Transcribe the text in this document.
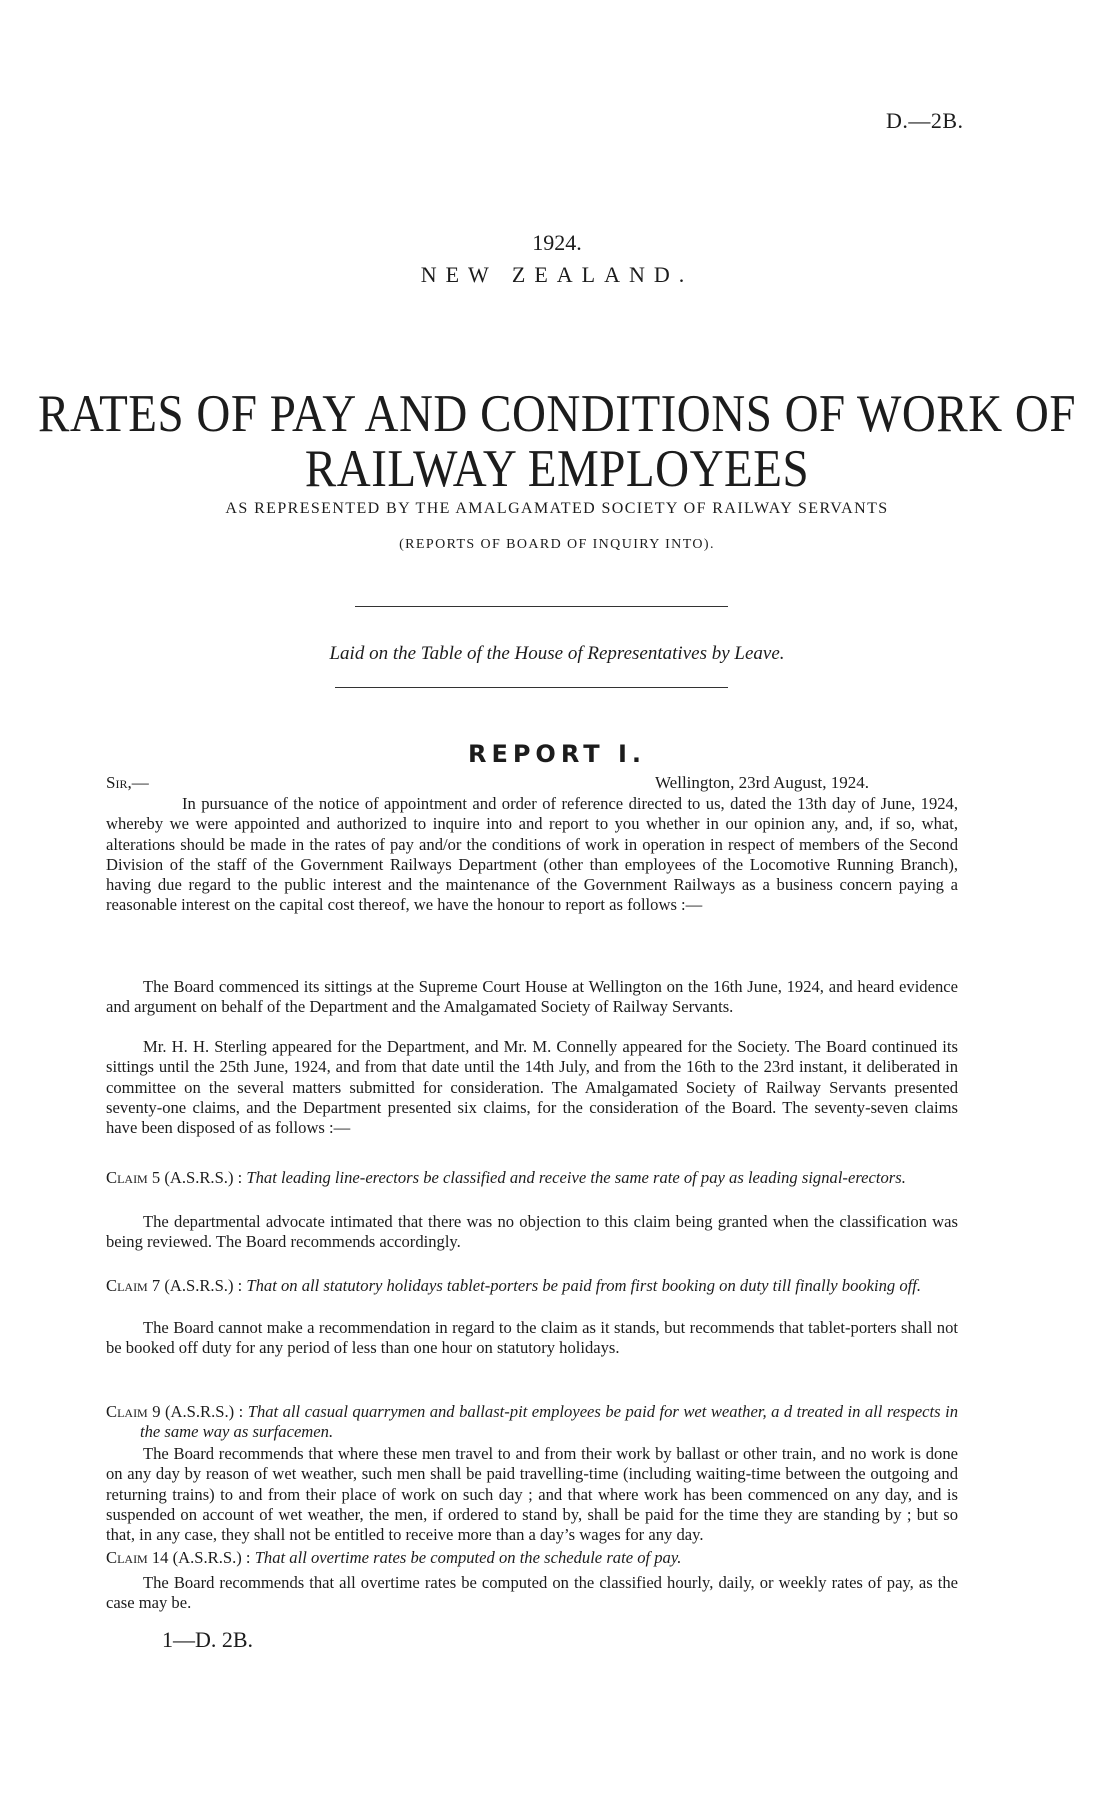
D.—2B.
1924.
NEW ZEALAND.
RATES OF PAY AND CONDITIONS OF WORK OF
RAILWAY EMPLOYEES
AS REPRESENTED BY THE AMALGAMATED SOCIETY OF RAILWAY SERVANTS
(REPORTS OF BOARD OF INQUIRY INTO).
Laid on the Table of the House of Representatives by Leave.
REPORT I.
Sir,—	Wellington, 23rd August, 1924.

In pursuance of the notice of appointment and order of reference directed to us, dated the 13th day of June, 1924, whereby we were appointed and authorized to inquire into and report to you whether in our opinion any, and, if so, what, alterations should be made in the rates of pay and/or the conditions of work in operation in respect of members of the Second Division of the staff of the Government Railways Department (other than employees of the Locomotive Running Branch), having due regard to the public interest and the maintenance of the Government Railways as a business concern paying a reasonable interest on the capital cost thereof, we have the honour to report as follows :—

The Board commenced its sittings at the Supreme Court House at Wellington on the 16th June, 1924, and heard evidence and argument on behalf of the Department and the Amalgamated Society of Railway Servants.

Mr. H. H. Sterling appeared for the Department, and Mr. M. Connelly appeared for the Society. The Board continued its sittings until the 25th June, 1924, and from that date until the 14th July, and from the 16th to the 23rd instant, it deliberated in committee on the several matters submitted for consideration. The Amalgamated Society of Railway Servants presented seventy-one claims, and the Department presented six claims, for the consideration of the Board. The seventy-seven claims have been disposed of as follows :—

Claim 5 (A.S.R.S.) : That leading line-erectors be classified and receive the same rate of pay as leading signal-erectors.

The departmental advocate intimated that there was no objection to this claim being granted when the classification was being reviewed. The Board recommends accordingly.

Claim 7 (A.S.R.S.) : That on all statutory holidays tablet-porters be paid from first booking on duty till finally booking off.

The Board cannot make a recommendation in regard to the claim as it stands, but recommends that tablet-porters shall not be booked off duty for any period of less than one hour on statutory holidays.

Claim 9 (A.S.R.S.) : That all casual quarrymen and ballast-pit employees be paid for wet weather, a d treated in all respects in the same way as surfacemen.

The Board recommends that where these men travel to and from their work by ballast or other train, and no work is done on any day by reason of wet weather, such men shall be paid travelling-time (including waiting-time between the outgoing and returning trains) to and from their place of work on such day ; and that where work has been commenced on any day, and is suspended on account of wet weather, the men, if ordered to stand by, shall be paid for the time they are standing by ; but so that, in any case, they shall not be entitled to receive more than a day’s wages for any day.

Claim 14 (A.S.R.S.) : That all overtime rates be computed on the schedule rate of pay.

The Board recommends that all overtime rates be computed on the classified hourly, daily, or weekly rates of pay, as the case may be.

1—D. 2B.
